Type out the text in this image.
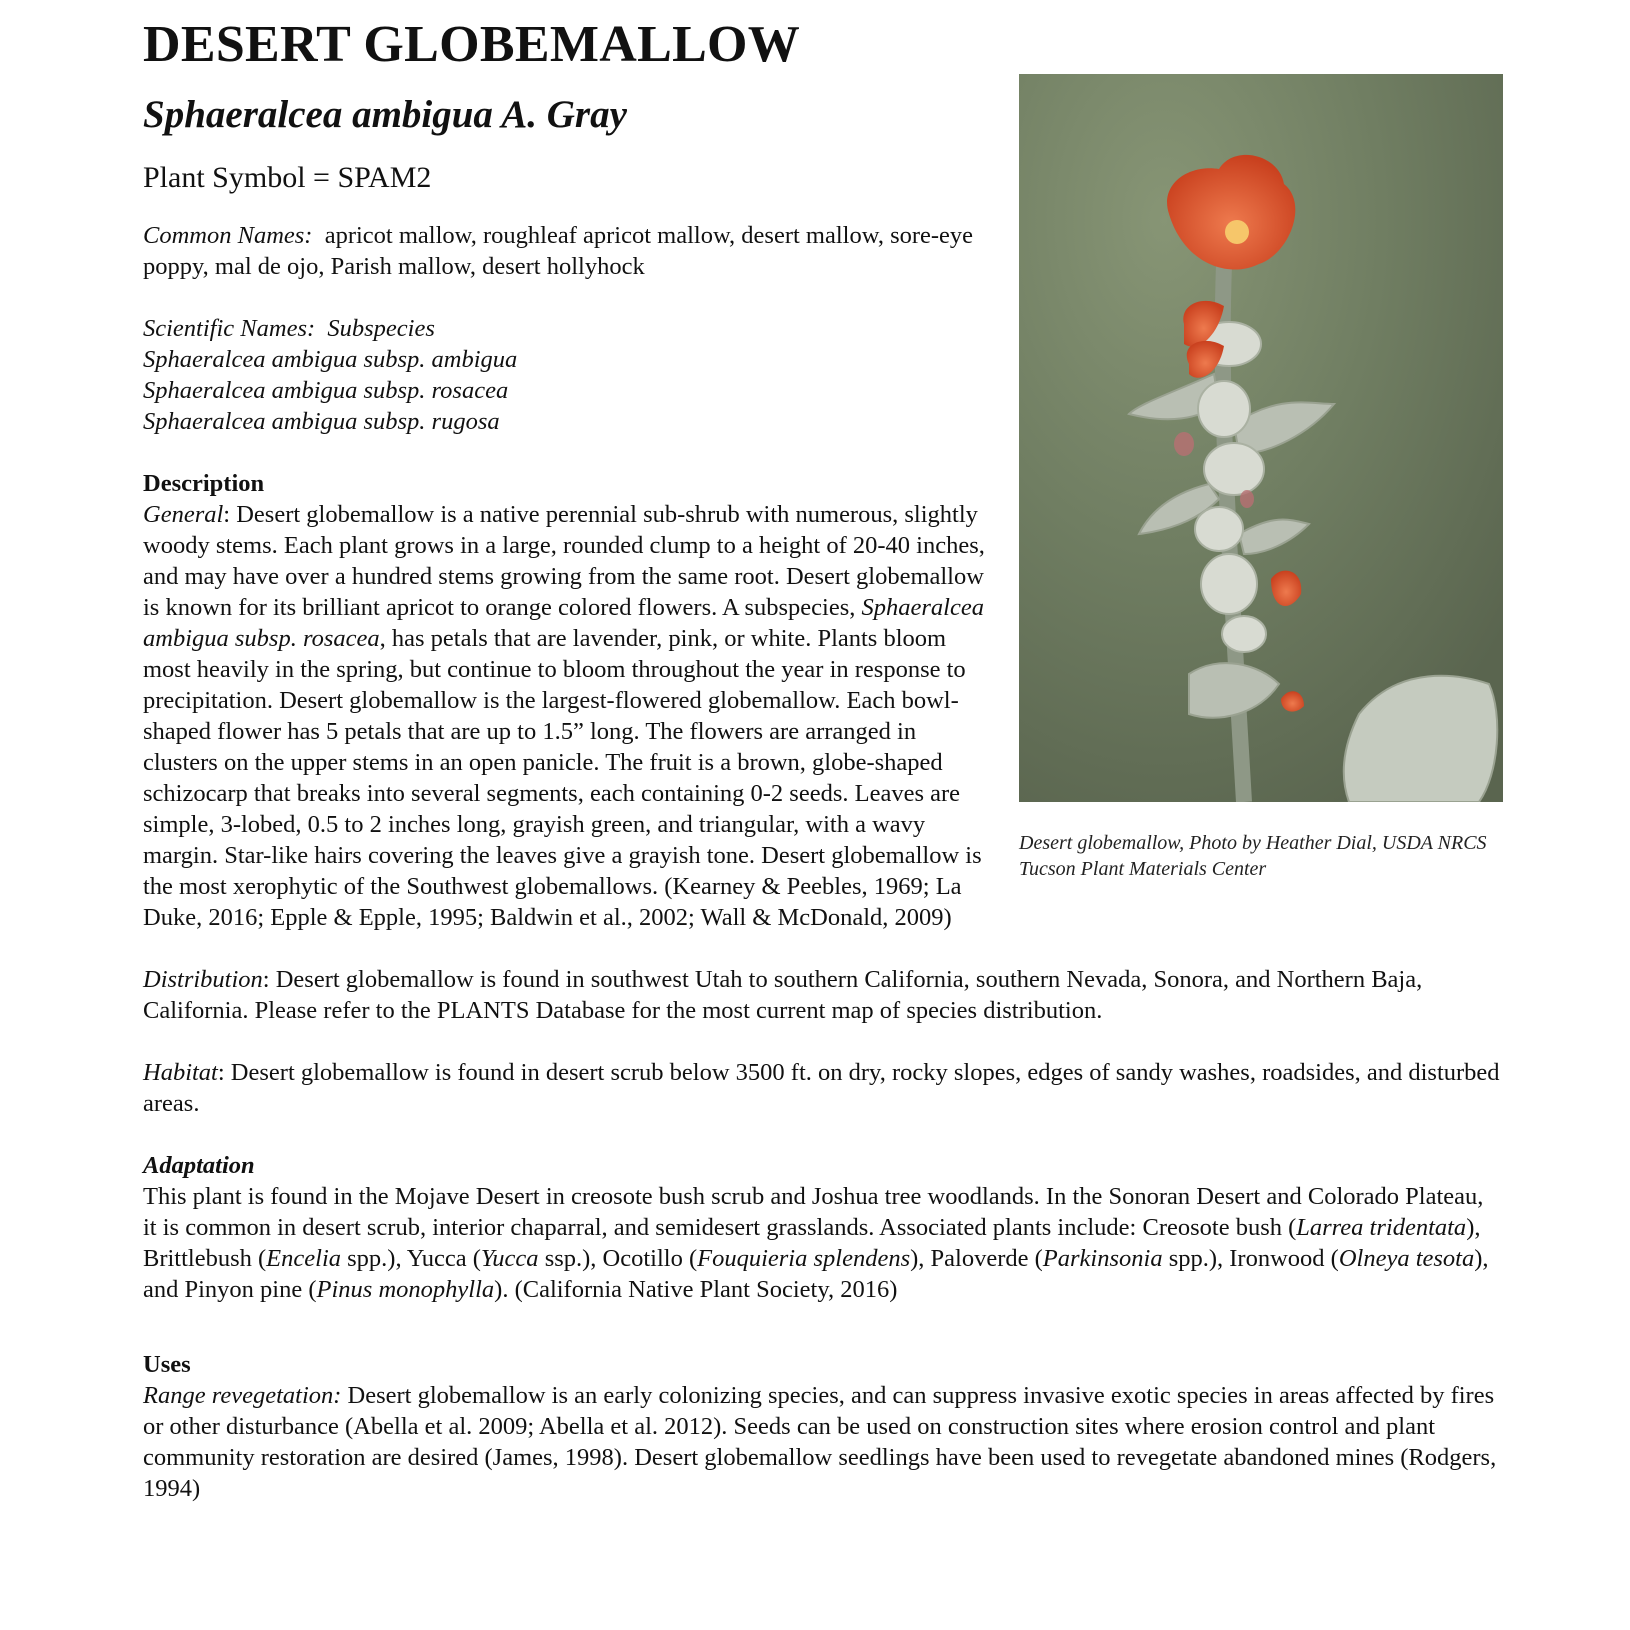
DESERT GLOBEMALLOW
Sphaeralcea ambigua A. Gray
Plant Symbol = SPAM2
Desert globemallow, Photo by Heather Dial, USDA NRCS Tucson Plant Materials Center

Common Names: apricot mallow, roughleaf apricot mallow, desert mallow, sore-eye poppy, mal de ojo, Parish mallow, desert hollyhock

Scientific Names: Subspecies

Sphaeralcea ambigua subsp. ambigua

Sphaeralcea ambigua subsp. rosacea

Sphaeralcea ambigua subsp. rugosa

Description

General: Desert globemallow is a native perennial sub-shrub with numerous, slightly woody stems. Each plant grows in a large, rounded clump to a height of 20-40 inches, and may have over a hundred stems growing from the same root. Desert globemallow is known for its brilliant apricot to orange colored flowers. A subspecies, Sphaeralcea ambigua subsp. rosacea, has petals that are lavender, pink, or white. Plants bloom most heavily in the spring, but continue to bloom throughout the year in response to precipitation. Desert globemallow is the largest-flowered globemallow. Each bowl-shaped flower has 5 petals that are up to 1.5” long. The flowers are arranged in clusters on the upper stems in an open panicle. The fruit is a brown, globe-shaped schizocarp that breaks into several segments, each containing 0-2 seeds. Leaves are simple, 3-lobed, 0.5 to 2 inches long, grayish green, and triangular, with a wavy margin. Star-like hairs covering the leaves give a grayish tone. Desert globemallow is the most xerophytic of the Southwest globemallows. (Kearney & Peebles, 1969; La Duke, 2016; Epple & Epple, 1995; Baldwin et al., 2002; Wall & McDonald, 2009)

Distribution: Desert globemallow is found in southwest Utah to southern California, southern Nevada, Sonora, and Northern Baja, California. Please refer to the PLANTS Database for the most current map of species distribution.

Habitat: Desert globemallow is found in desert scrub below 3500 ft. on dry, rocky slopes, edges of sandy washes, roadsides, and disturbed areas.

Adaptation

This plant is found in the Mojave Desert in creosote bush scrub and Joshua tree woodlands. In the Sonoran Desert and Colorado Plateau, it is common in desert scrub, interior chaparral, and semidesert grasslands. Associated plants include: Creosote bush (Larrea tridentata), Brittlebush (Encelia spp.), Yucca (Yucca ssp.), Ocotillo (Fouquieria splendens), Paloverde (Parkinsonia spp.), Ironwood (Olneya tesota), and Pinyon pine (Pinus monophylla). (California Native Plant Society, 2016)

Uses

Range revegetation: Desert globemallow is an early colonizing species, and can suppress invasive exotic species in areas affected by fires or other disturbance (Abella et al. 2009; Abella et al. 2012). Seeds can be used on construction sites where erosion control and plant community restoration are desired (James, 1998). Desert globemallow seedlings have been used to revegetate abandoned mines (Rodgers, 1994)
